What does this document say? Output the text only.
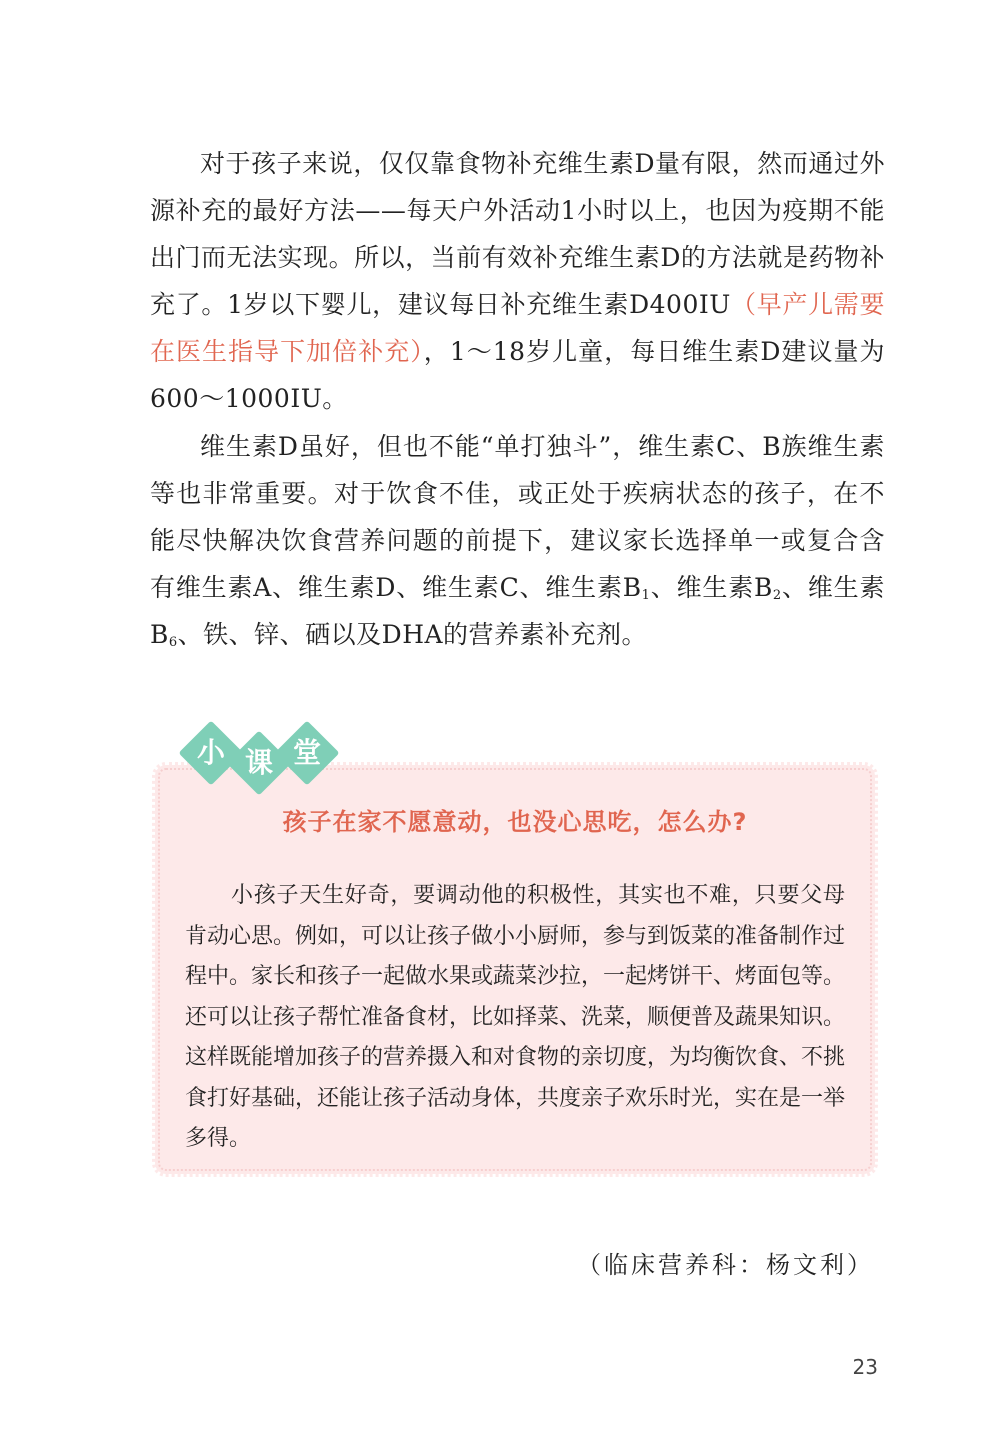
对于孩子来说，仅仅靠食物补充维生素D量有限，然而通过外源补充的最好方法——每天户外活动1小时以上，也因为疫期不能出门而无法实现。所以，当前有效补充维生素D的方法就是药物补充了。1岁以下婴儿，建议每日补充维生素D400IU（早产儿需要在医生指导下加倍补充），1～18岁儿童，每日维生素D建议量为600～1000IU。

维生素D虽好，但也不能“单打独斗”，维生素C、B族维生素等也非常重要。对于饮食不佳，或正处于疾病状态的孩子，在不能尽快解决饮食营养问题的前提下，建议家长选择单一或复合含有维生素A、维生素D、维生素C、维生素$B_1$、维生素$B_2$、维生素$B_6$、铁、锌、硒以及DHA的营养素补充剂。

小 课 堂

孩子在家不愿意动，也没心思吃，怎么办?

小孩子天生好奇，要调动他的积极性，其实也不难，只要父母肯动心思。例如，可以让孩子做小小厨师，参与到饭菜的准备制作过程中。家长和孩子一起做水果或蔬菜沙拉，一起烤饼干、烤面包等。还可以让孩子帮忙准备食材，比如择菜、洗菜，顺便普及蔬果知识。这样既能增加孩子的营养摄入和对食物的亲切度，为均衡饮食、不挑食打好基础，还能让孩子活动身体，共度亲子欢乐时光，实在是一举多得。

（临床营养科：杨文利）

23
